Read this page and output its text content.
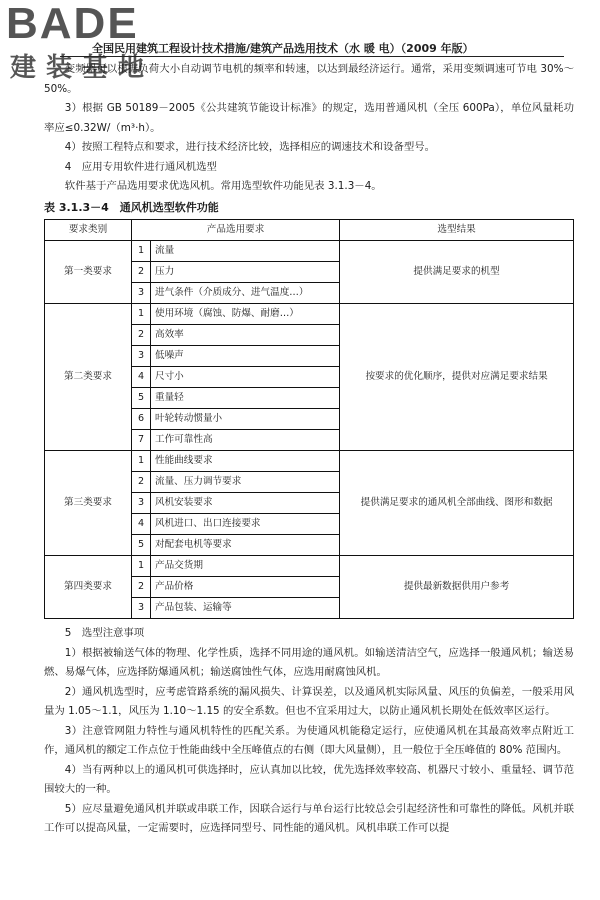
BADE
建装基地
全国民用建筑工程设计技术措施/建筑产品选用技术（水 暖 电）（2009 年版）

变频器可以根据负荷大小自动调节电机的频率和转速，以达到最经济运行。通常，采用变频调速可节电 30%～50%。

3）根据 GB 50189－2005《公共建筑节能设计标准》的规定，选用普通风机（全压 600Pa），单位风量耗功率应≤0.32W/（m³·h）。

4）按照工程特点和要求，进行技术经济比较，选择相应的调速技术和设备型号。

4　应用专用软件进行通风机选型

软件基于产品选用要求优选风机。常用选型软件功能见表 3.1.3－4。

表 3.1.3－4　通风机选型软件功能

要求类别	产品选用要求		选型结果
第一类要求	1	流量	提供满足要求的机型
	2	压力	
	3	进气条件（介质成分、进气温度…）	
第二类要求	1	使用环境（腐蚀、防爆、耐磨…）	按要求的优化顺序，提供对应满足要求结果
	2	高效率	
	3	低噪声	
	4	尺寸小	
	5	重量轻	
	6	叶轮转动惯量小	
	7	工作可靠性高	
第三类要求	1	性能曲线要求	提供满足要求的通风机全部曲线、图形和数据
	2	流量、压力调节要求	
	3	风机安装要求	
	4	风机进口、出口连接要求	
	5	对配套电机等要求	
第四类要求	1	产品交货期	提供最新数据供用户参考
	2	产品价格	
	3	产品包装、运输等	

5　选型注意事项

1）根据被输送气体的物理、化学性质，选择不同用途的通风机。如输送清洁空气，应选择一般通风机；输送易燃、易爆气体，应选择防爆通风机；输送腐蚀性气体，应选用耐腐蚀风机。

2）通风机选型时，应考虑管路系统的漏风损失、计算误差，以及通风机实际风量、风压的负偏差，一般采用风量为 1.05～1.1，风压为 1.10～1.15 的安全系数。但也不宜采用过大，以防止通风机长期处在低效率区运行。

3）注意管网阻力特性与通风机特性的匹配关系。为使通风机能稳定运行，应使通风机在其最高效率点附近工作，通风机的额定工作点位于性能曲线中全压峰值点的右侧（即大风量侧），且一般位于全压峰值的 80% 范围内。

4）当有两种以上的通风机可供选择时，应认真加以比较，优先选择效率较高、机器尺寸较小、重量轻、调节范围较大的一种。

5）应尽量避免通风机并联或串联工作，因联合运行与单台运行比较总会引起经济性和可靠性的降低。风机并联工作可以提高风量，一定需要时，应选择同型号、同性能的通风机。风机串联工作可以提
